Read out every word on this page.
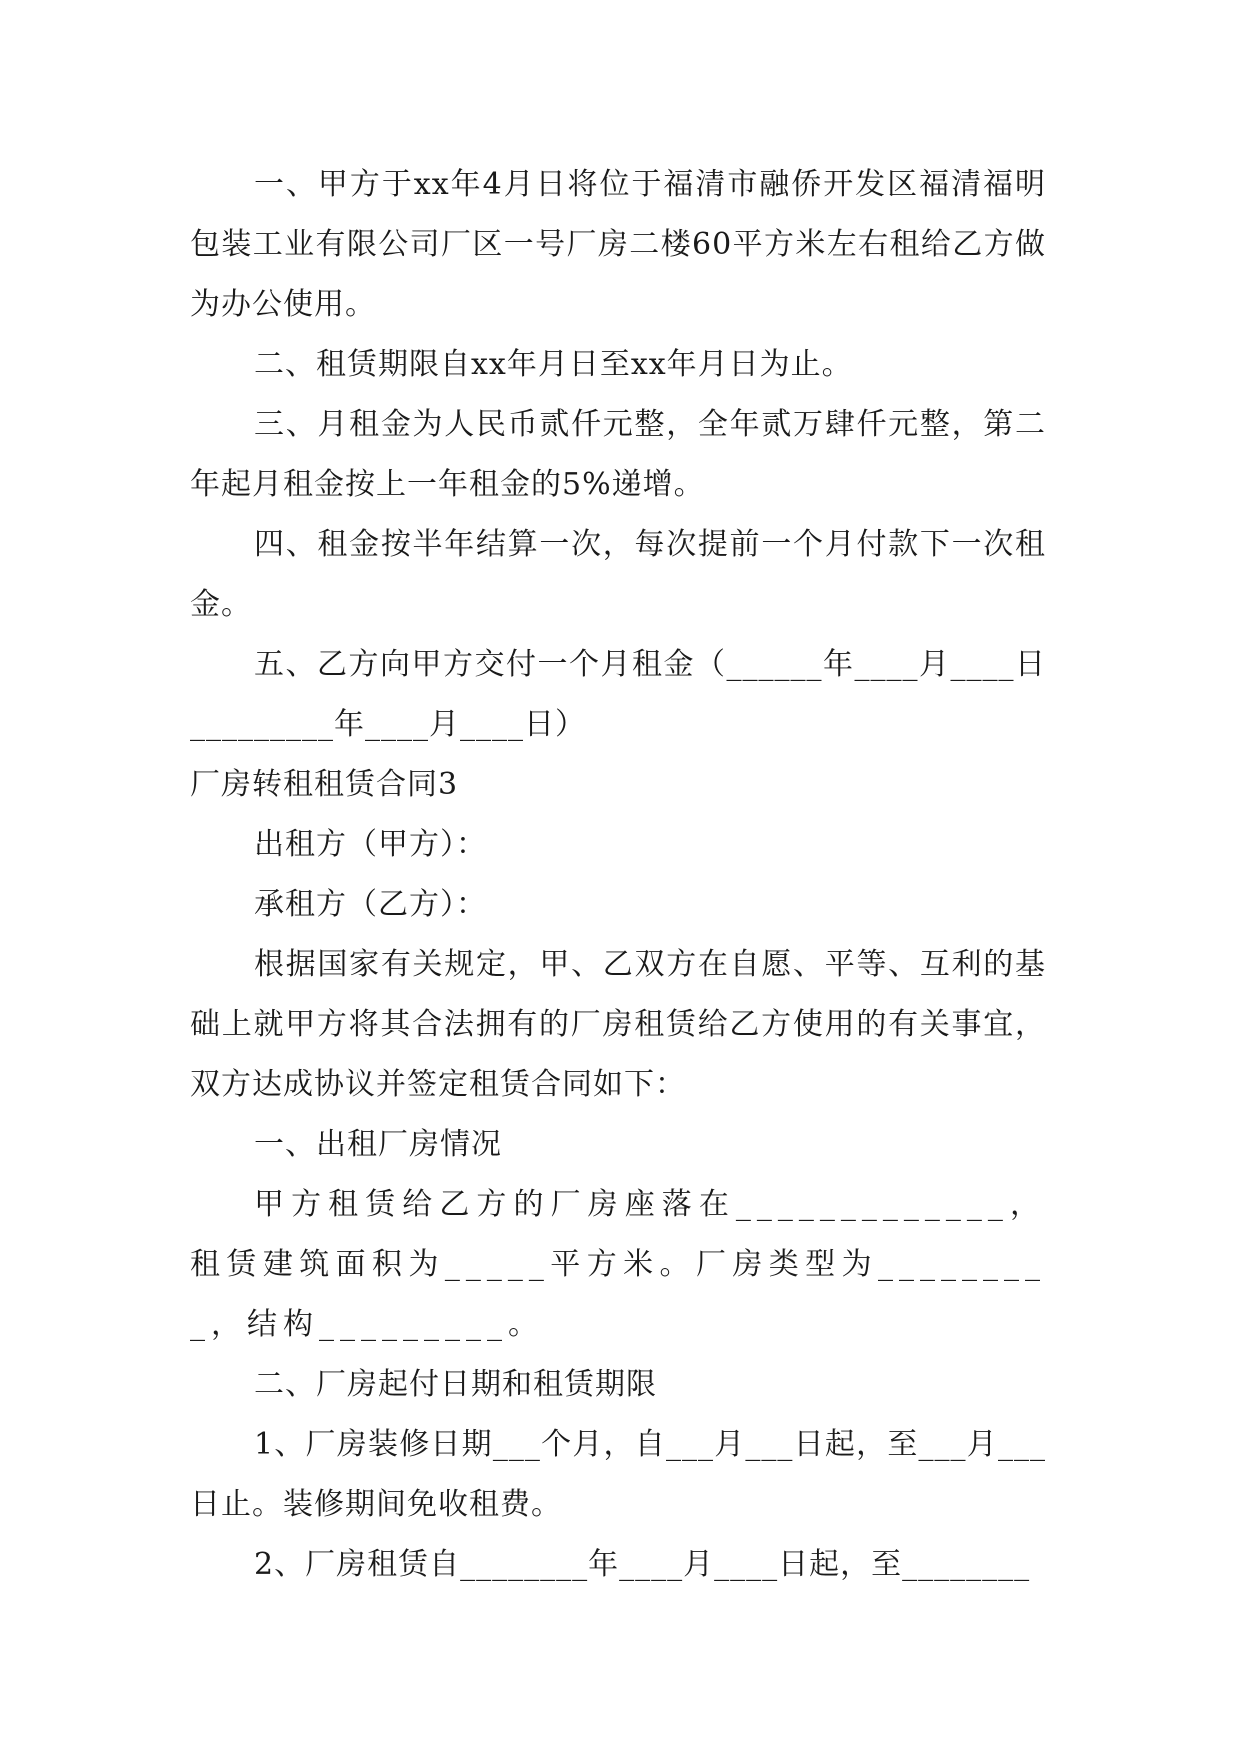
一、甲方于xx年4月日将位于福清市融侨开发区福清福明包装工业有限公司厂区一号厂房二楼60平方米左右租给乙方做为办公使用。

二、租赁期限自xx年月日至xx年月日为止。

三、月租金为人民币贰仟元整，全年贰万肆仟元整，第二年起月租金按上一年租金的5%递增。

四、租金按半年结算一次，每次提前一个月付款下一次租金。

五、乙方向甲方交付一个月租金（______年____月____日_________年____月____日）

厂房转租租赁合同3

出租方（甲方）：

承租方（乙方）：

根据国家有关规定，甲、乙双方在自愿、平等、互利的基础上就甲方将其合法拥有的厂房租赁给乙方使用的有关事宜，双方达成协议并签定租赁合同如下：

一、出租厂房情况

甲方租赁给乙方的厂房座落在_____________，租赁建筑面积为_____平方米。厂房类型为_________，结构_________。

二、厂房起付日期和租赁期限

1、厂房装修日期___个月，自___月___日起，至___月___日止。装修期间免收租费。

2、厂房租赁自________年____月____日起，至________
